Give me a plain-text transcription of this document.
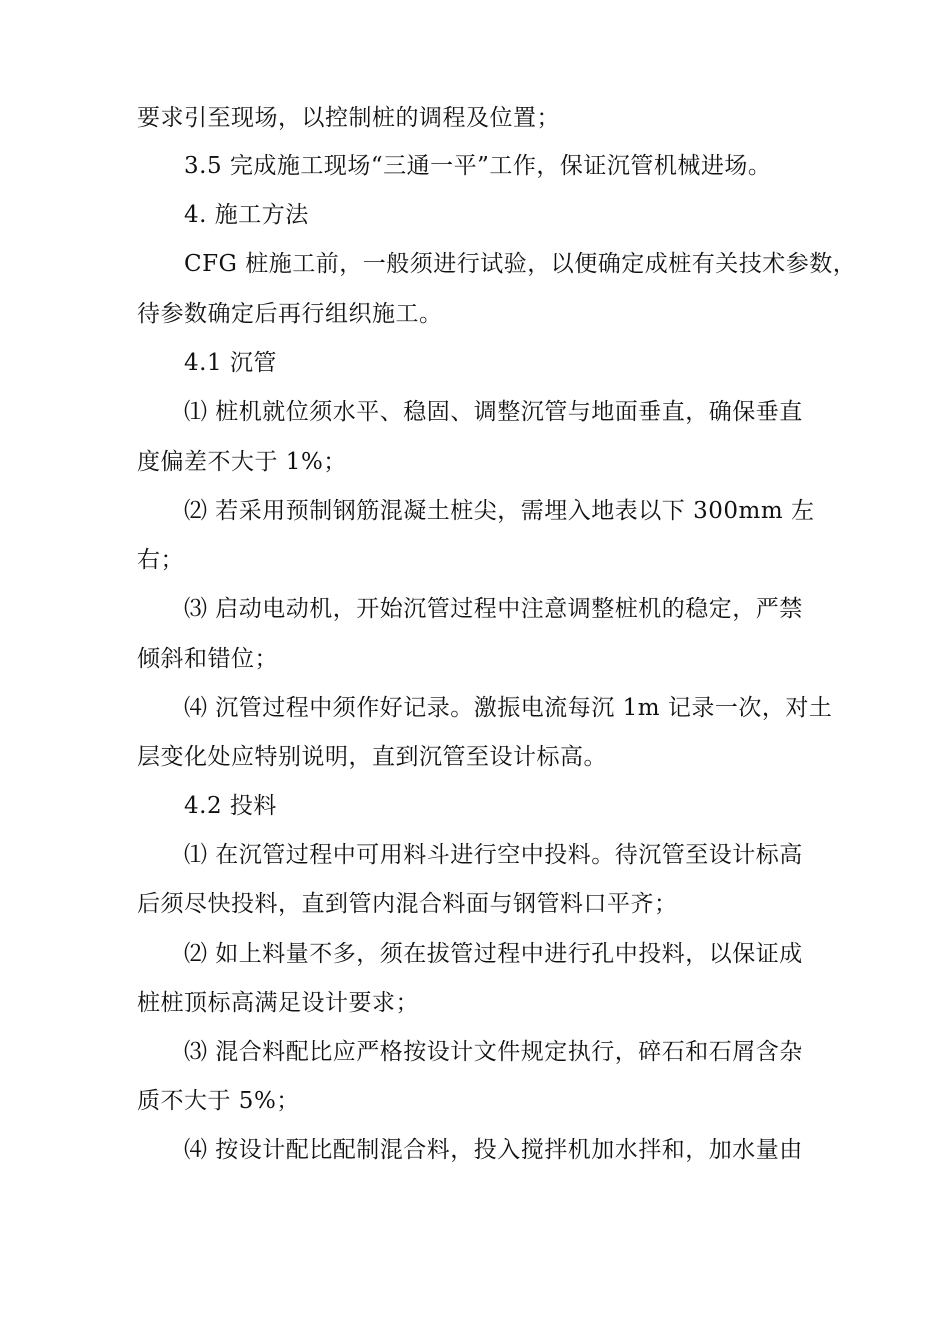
要求引至现场，以控制桩的调程及位置；
3.5 完成施工现场“三通一平”工作，保证沉管机械进场。
4. 施工方法
CFG 桩施工前，一般须进行试验，以便确定成桩有关技术参数，
待参数确定后再行组织施工。
4.1 沉管
⑴ 桩机就位须水平、稳固、调整沉管与地面垂直，确保垂直
度偏差不大于 1%；
⑵ 若采用预制钢筋混凝土桩尖，需埋入地表以下 300mm 左
右；
⑶ 启动电动机，开始沉管过程中注意调整桩机的稳定，严禁
倾斜和错位；
⑷ 沉管过程中须作好记录。激振电流每沉 1m 记录一次，对土
层变化处应特别说明，直到沉管至设计标高。
4.2 投料
⑴ 在沉管过程中可用料斗进行空中投料。待沉管至设计标高
后须尽快投料，直到管内混合料面与钢管料口平齐；
⑵ 如上料量不多，须在拔管过程中进行孔中投料，以保证成
桩桩顶标高满足设计要求；
⑶ 混合料配比应严格按设计文件规定执行，碎石和石屑含杂
质不大于 5%；
⑷ 按设计配比配制混合料，投入搅拌机加水拌和，加水量由
